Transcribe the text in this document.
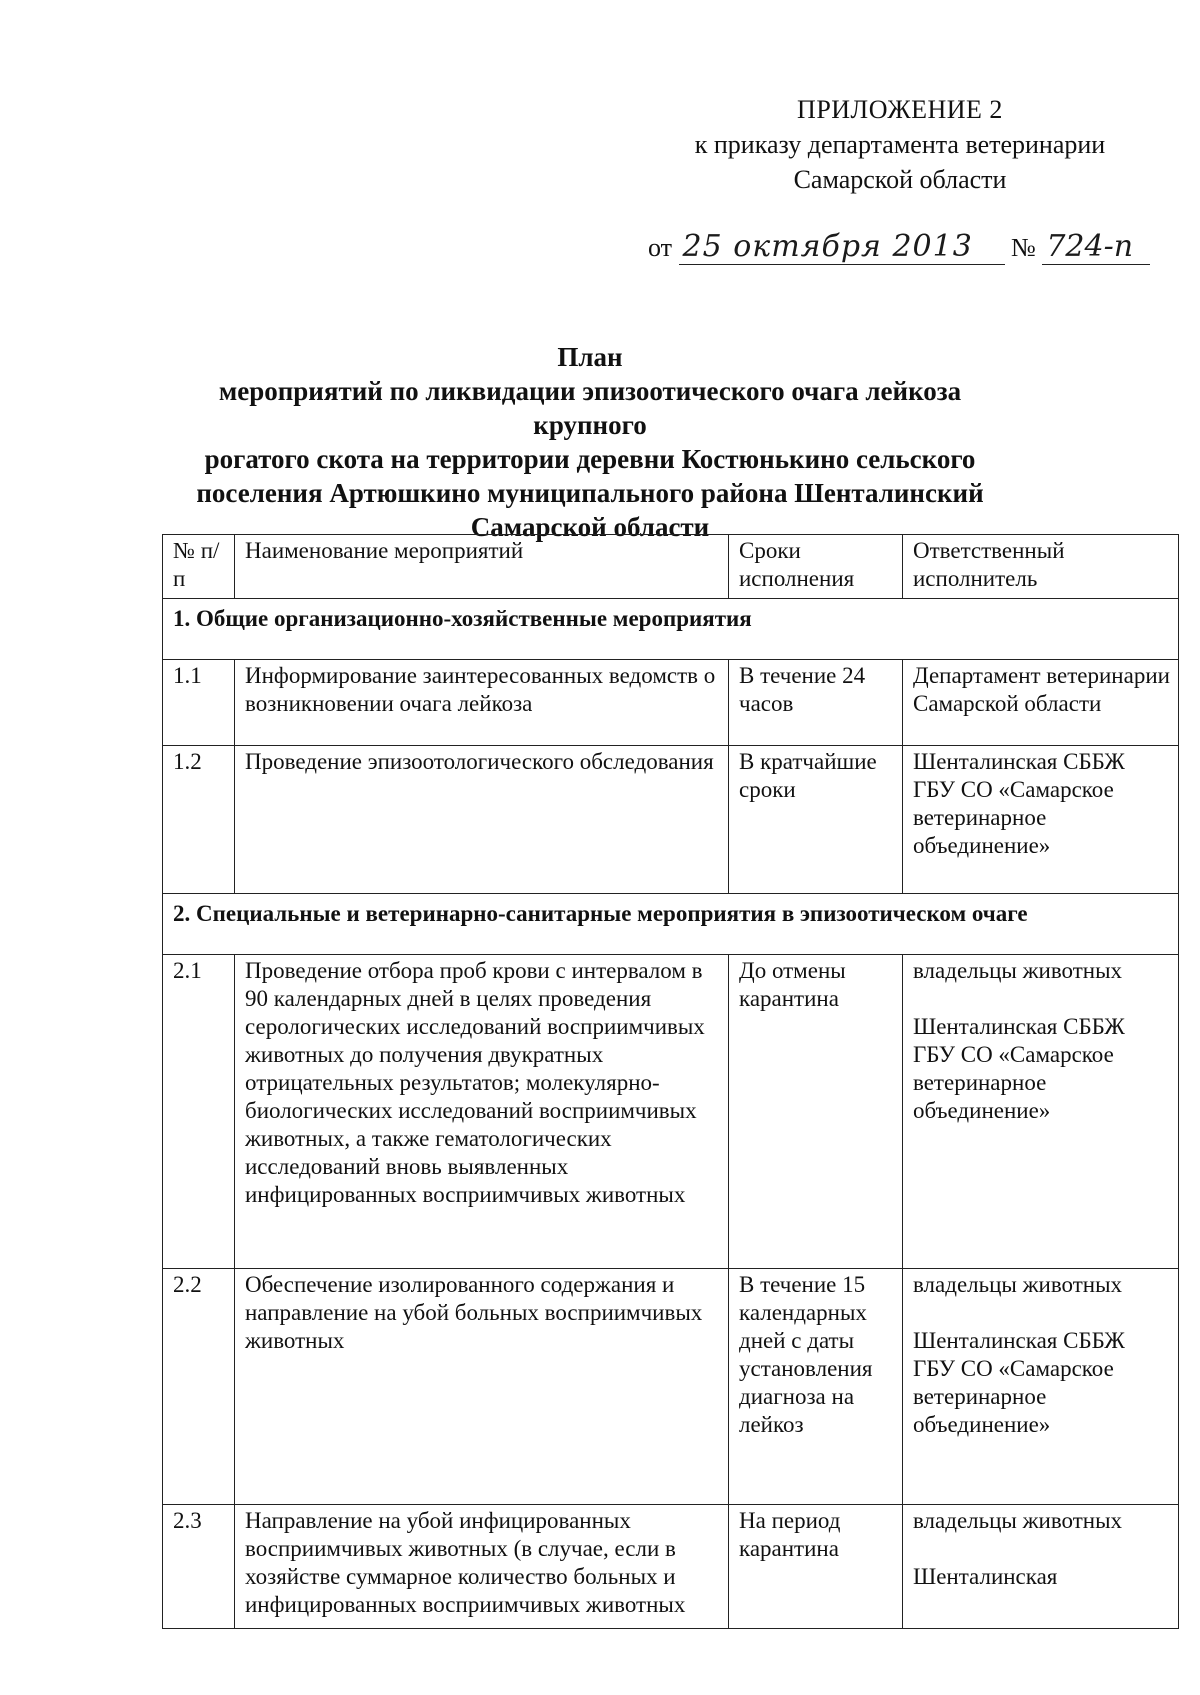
ПРИЛОЖЕНИЕ 2
к приказу департамента ветеринарии
Самарской области
от 25 октября 2013 № 724-п
План
мероприятий по ликвидации эпизоотического очага лейкоза крупного
рогатого скота на территории деревни Костюнькино сельского
поселения Артюшкино муниципального района Шенталинский
Самарской области
№ п/п	Наименование мероприятий	Сроки исполнения	Ответственный исполнитель
1. Общие организационно-хозяйственные мероприятия			
1.1	Информирование заинтересованных ведомств о возникновении очага лейкоза	В течение 24 часов	Департамент ветеринарии Самарской области
1.2	Проведение эпизоотологического обследования	В кратчайшие сроки	Шенталинская СББЖ ГБУ СО «Самарское ветеринарное объединение»
2. Специальные и ветеринарно-санитарные мероприятия в эпизоотическом очаге			
2.1	Проведение отбора проб крови с интервалом в 90 календарных дней в целях проведения серологических исследований восприимчивых животных до получения двукратных отрицательных результатов; молекулярно-биологических исследований восприимчивых животных, а также гематологических исследований вновь выявленных инфицированных восприимчивых животных	До отмены карантина	владельцы животных
Шенталинская СББЖ ГБУ СО «Самарское ветеринарное объединение»
2.2	Обеспечение изолированного содержания и направление на убой больных восприимчивых животных	В течение 15 календарных дней с даты установления диагноза на лейкоз	владельцы животных
Шенталинская СББЖ ГБУ СО «Самарское ветеринарное объединение»
2.3	Направление на убой инфицированных восприимчивых животных (в случае, если в хозяйстве суммарное количество больных и инфицированных восприимчивых животных	На период карантина	владельцы животных
Шенталинская
